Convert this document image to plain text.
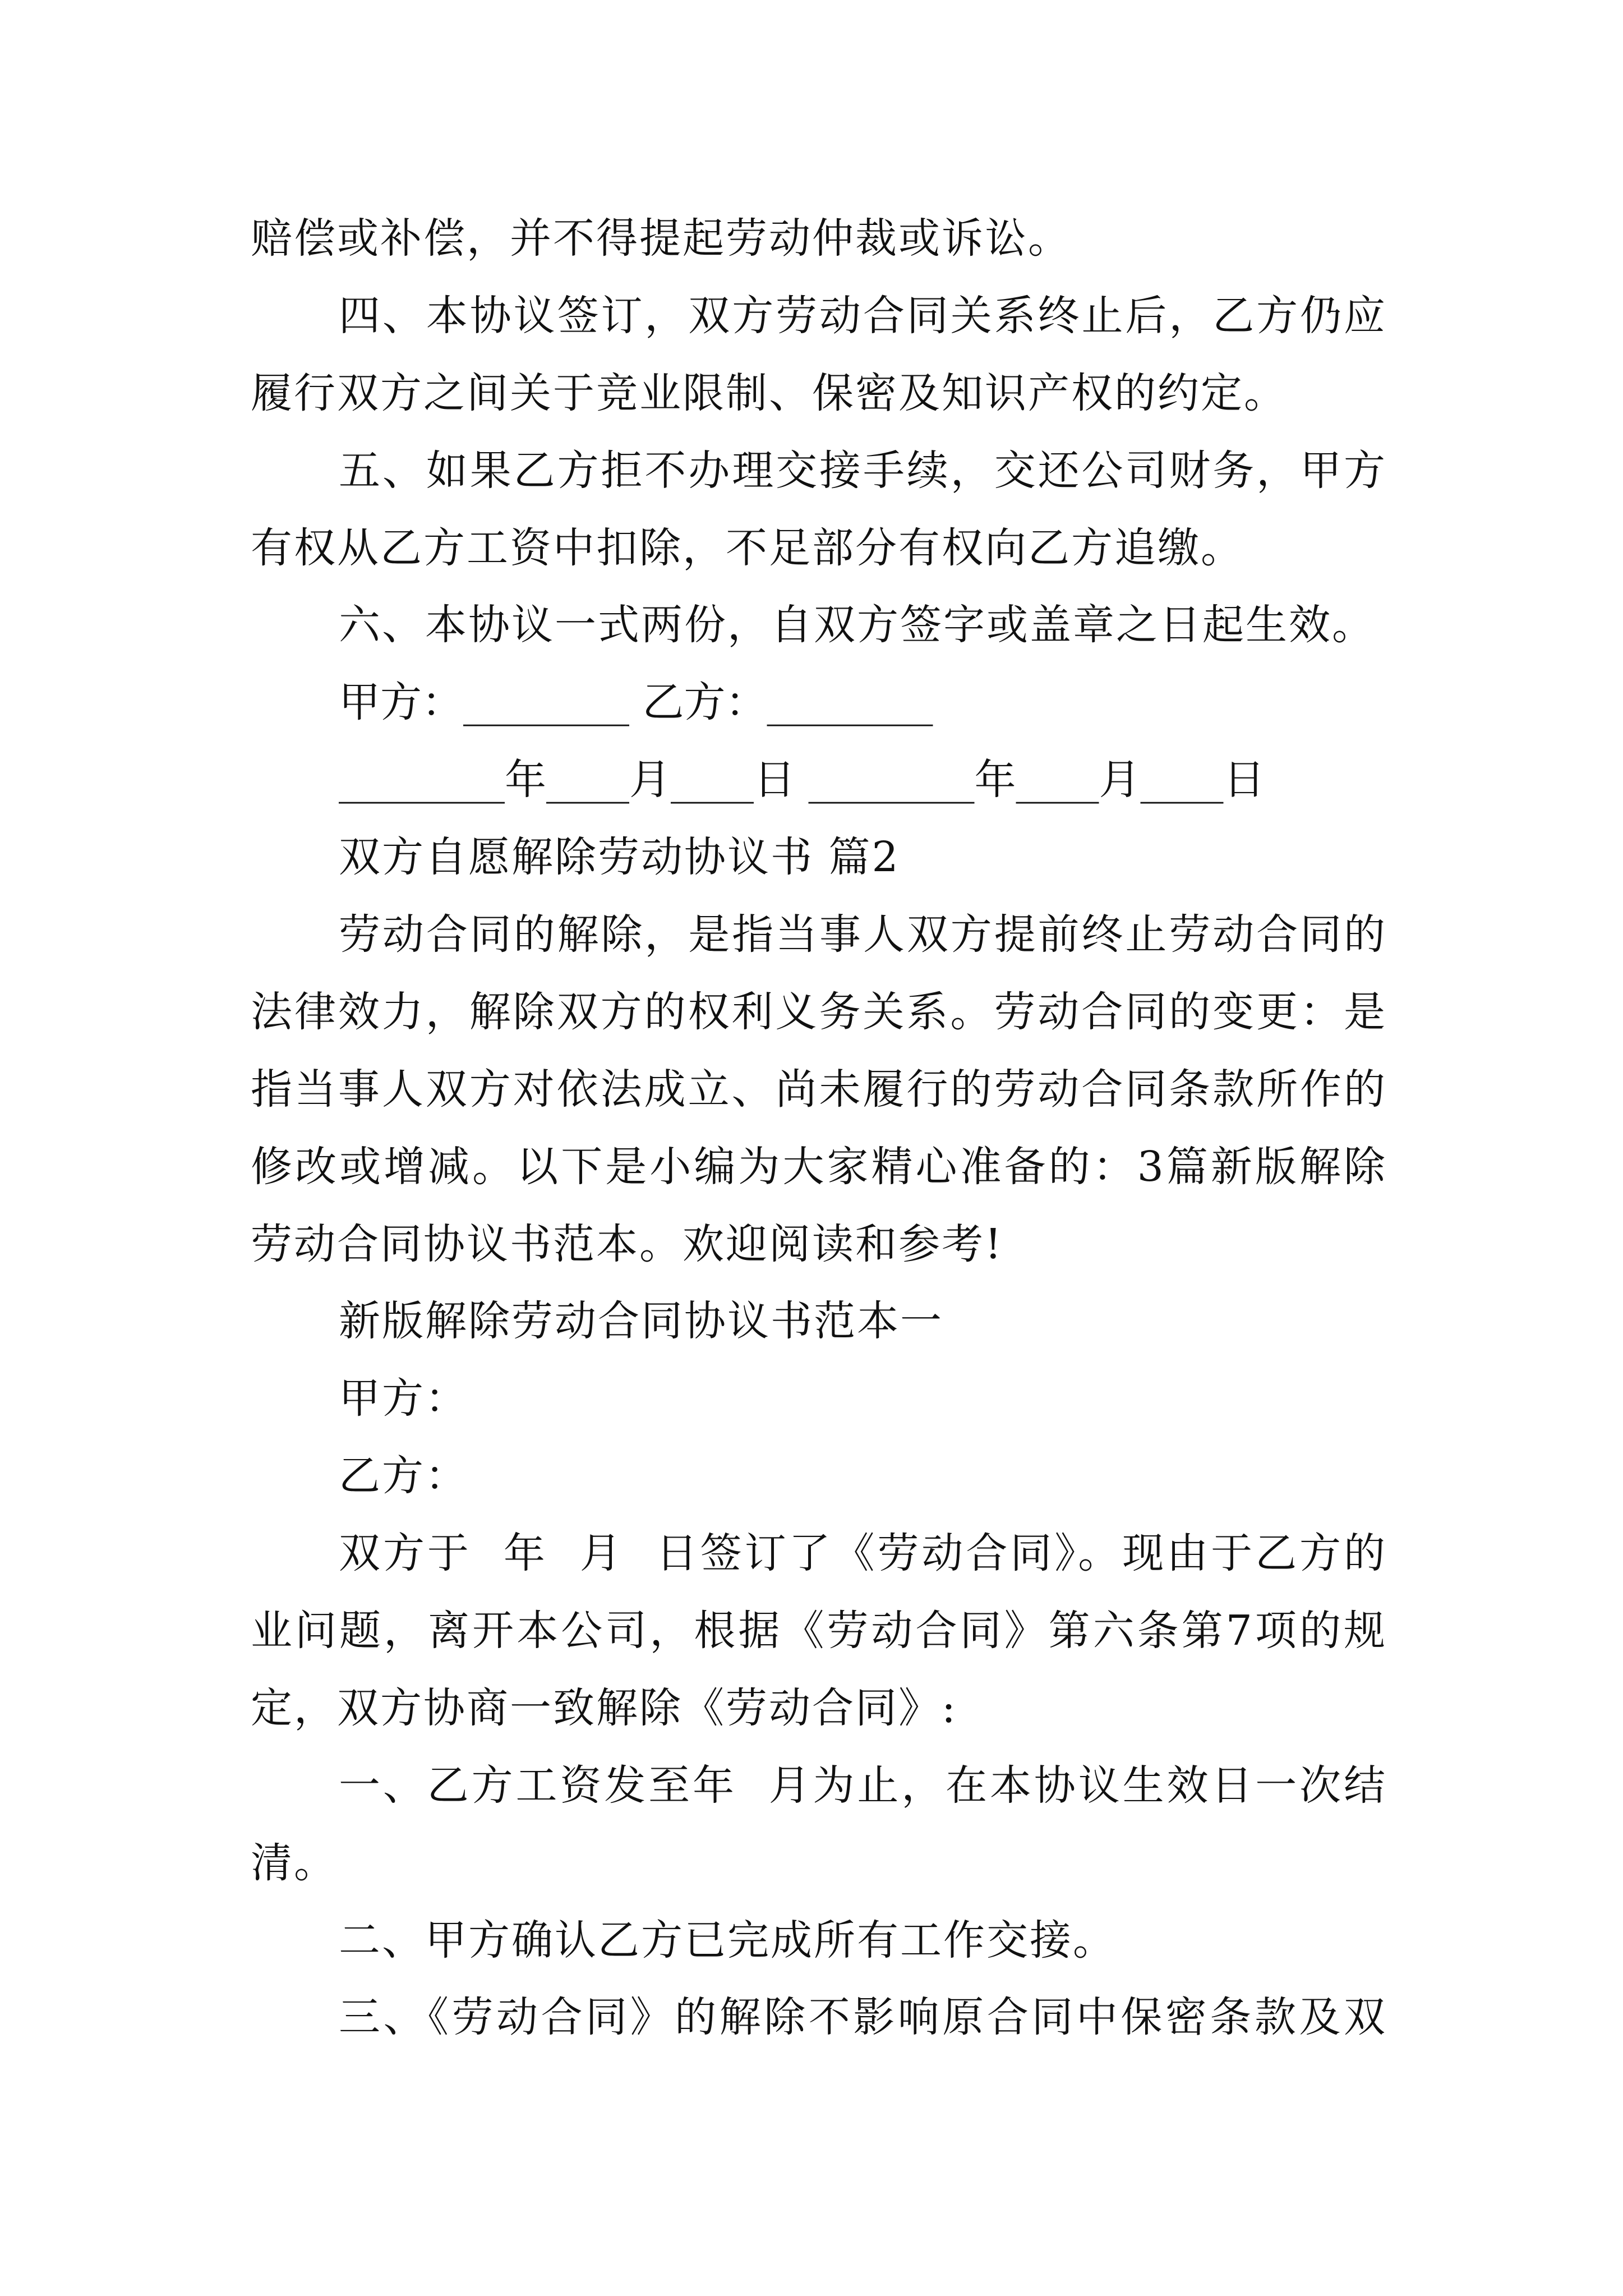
赔偿或补偿，并不得提起劳动仲裁或诉讼。
四、本协议签订，双方劳动合同关系终止后，乙方仍应
履行双方之间关于竞业限制、保密及知识产权的约定。
五、如果乙方拒不办理交接手续，交还公司财务，甲方
有权从乙方工资中扣除，不足部分有权向乙方追缴。
六、本协议一式两份，自双方签字或盖章之日起生效。
甲方：________ 乙方：________
________年____月____日 ________年____月____日
双方自愿解除劳动协议书 篇2
劳动合同的解除，是指当事人双方提前终止劳动合同的
法律效力，解除双方的权利义务关系。劳动合同的变更：是
指当事人双方对依法成立、尚未履行的劳动合同条款所作的
修改或增减。以下是小编为大家精心准备的：3篇新版解除
劳动合同协议书范本。欢迎阅读和参考!
新版解除劳动合同协议书范本一
甲方：
乙方：
双方于  年  月  日签订了《劳动合同》。现由于乙方的
业问题，离开本公司，根据《劳动合同》第六条第7项的规
定，双方协商一致解除《劳动合同》:
一、乙方工资发至年  月为止，在本协议生效日一次结
清。
二、甲方确认乙方已完成所有工作交接。
三、《劳动合同》的解除不影响原合同中保密条款及双
